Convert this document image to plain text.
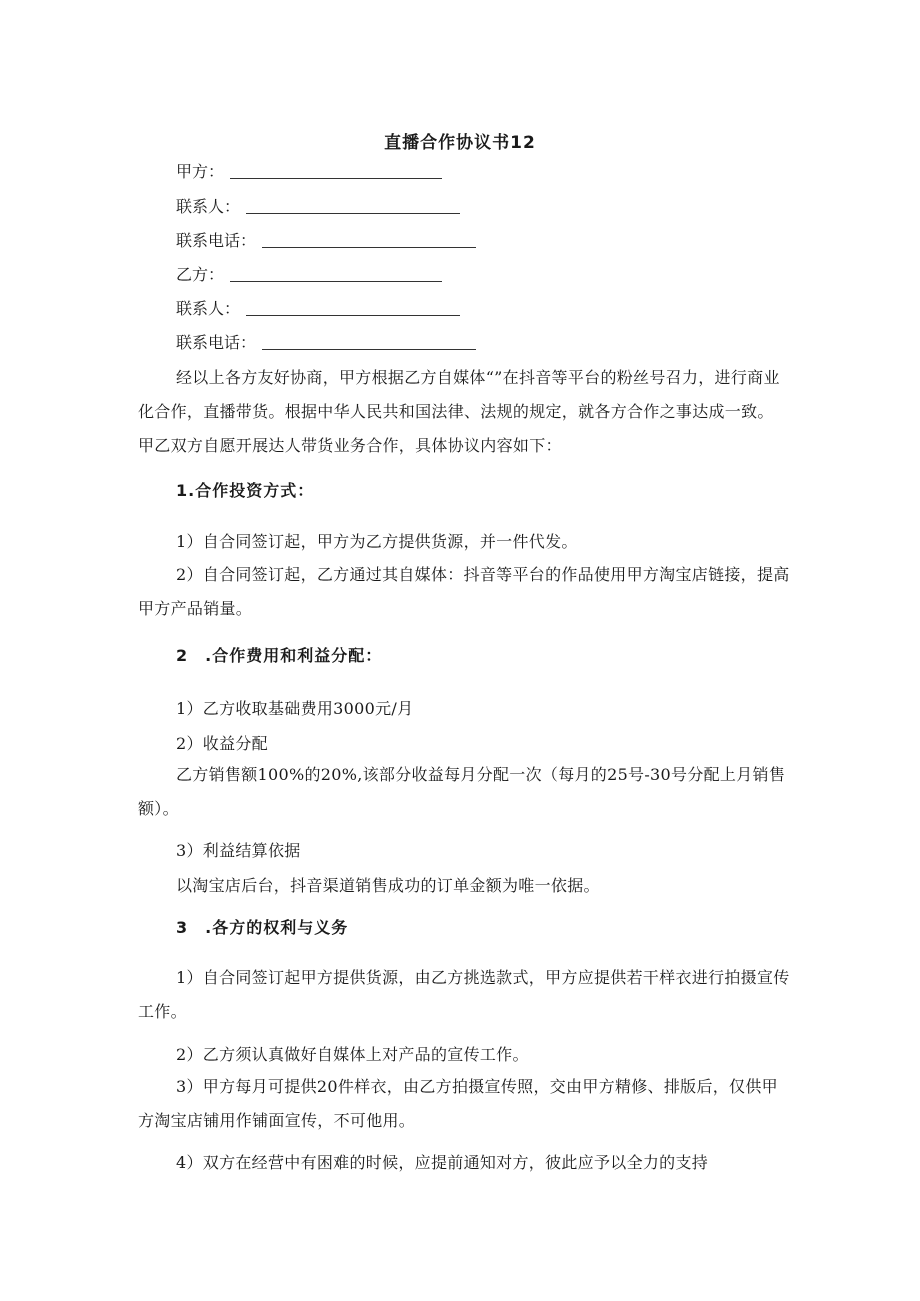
直播合作协议书12
甲方：
联系人：
联系电话：
乙方：
联系人：
联系电话：

经以上各方友好协商，甲方根据乙方自媒体“”在抖音等平台的粉丝号召力，进行商业化合作，直播带货。根据中华人民共和国法律、法规的规定，就各方合作之事达成一致。甲乙双方自愿开展达人带货业务合作，具体协议内容如下：

1.合作投资方式：
1）自合同签订起，甲方为乙方提供货源，并一件代发。

2）自合同签订起，乙方通过其自媒体：抖音等平台的作品使用甲方淘宝店链接，提高甲方产品销量。

2　.合作费用和利益分配：
1）乙方收取基础费用3000元/月
2）收益分配

乙方销售额100%的20%,该部分收益每月分配一次（每月的25号-30号分配上月销售额）。

3）利益结算依据
以淘宝店后台，抖音渠道销售成功的订单金额为唯一依据。
3　.各方的权利与义务

1）自合同签订起甲方提供货源，由乙方挑选款式，甲方应提供若干样衣进行拍摄宣传工作。

2）乙方须认真做好自媒体上对产品的宣传工作。

3）甲方每月可提供20件样衣，由乙方拍摄宣传照，交由甲方精修、排版后，仅供甲方淘宝店铺用作铺面宣传，不可他用。

4）双方在经营中有困难的时候，应提前通知对方，彼此应予以全力的支持
